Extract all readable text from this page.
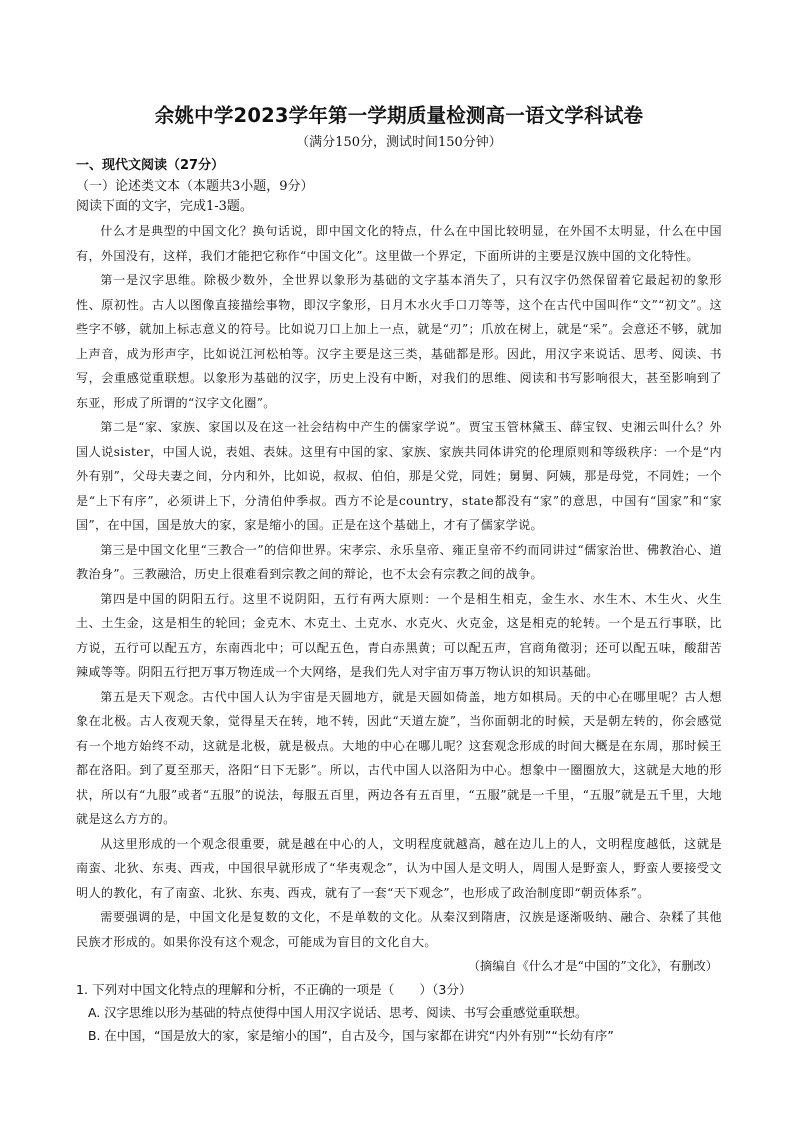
余姚中学2023学年第一学期质量检测高一语文学科试卷
（满分150分，测试时间150分钟）
一、现代文阅读（27分）
（一）论述类文本（本题共3小题，9分）
阅读下面的文字，完成1-3题。

什么才是典型的中国文化？换句话说，即中国文化的特点，什么在中国比较明显，在外国不太明显，什么在中国有，外国没有，这样，我们才能把它称作“中国文化”。这里做一个界定，下面所讲的主要是汉族中国的文化特性。

第一是汉字思维。除极少数外，全世界以象形为基础的文字基本消失了，只有汉字仍然保留着它最起初的象形性、原初性。古人以图像直接描绘事物，即汉字象形，日月木水火手口刀等等，这个在古代中国叫作“文”“初文”。这些字不够，就加上标志意义的符号。比如说刀口上加上一点，就是“刃”；爪放在树上，就是“采”。会意还不够，就加上声音，成为形声字，比如说江河松柏等。汉字主要是这三类，基础都是形。因此，用汉字来说话、思考、阅读、书写，会重感觉重联想。以象形为基础的汉字，历史上没有中断，对我们的思维、阅读和书写影响很大，甚至影响到了东亚，形成了所谓的“汉字文化圈”。

第二是“家、家族、家国以及在这一社会结构中产生的儒家学说”。贾宝玉管林黛玉、薛宝钗、史湘云叫什么？外国人说sister，中国人说，表姐、表妹。这里有中国的家、家族、家族共同体讲究的伦理原则和等级秩序：一个是“内外有别”，父母夫妻之间，分内和外，比如说，叔叔、伯伯，那是父党，同姓；舅舅、阿姨，那是母党，不同姓；一个是“上下有序”，必须讲上下，分清伯仲季叔。西方不论是country，state都没有“家”的意思，中国有“国家”和“家国”，在中国，国是放大的家，家是缩小的国。正是在这个基础上，才有了儒家学说。

第三是中国文化里“三教合一”的信仰世界。宋孝宗、永乐皇帝、雍正皇帝不约而同讲过“儒家治世、佛教治心、道教治身”。三教融洽，历史上很难看到宗教之间的辩论，也不太会有宗教之间的战争。

第四是中国的阴阳五行。这里不说阴阳，五行有两大原则：一个是相生相克，金生水、水生木、木生火、火生土、土生金，这是相生的轮回；金克木、木克土、土克水、水克火、火克金，这是相克的轮转。一个是五行事联，比方说，五行可以配五方，东南西北中；可以配五色，青白赤黑黄；可以配五声，宫商角徵羽；还可以配五味，酸甜苦辣咸等等。阴阳五行把万事万物连成一个大网络，是我们先人对宇宙万事万物认识的知识基础。

第五是天下观念。古代中国人认为宇宙是天圆地方，就是天圆如倚盖，地方如棋局。天的中心在哪里呢？古人想象在北极。古人夜观天象，觉得星天在转，地不转，因此“天道左旋”，当你面朝北的时候，天是朝左转的，你会感觉有一个地方始终不动，这就是北极，就是极点。大地的中心在哪儿呢？这套观念形成的时间大概是在东周，那时候王都在洛阳。到了夏至那天，洛阳“日下无影”。所以，古代中国人以洛阳为中心。想象中一圈圈放大，这就是大地的形状，所以有“九服”或者“五服”的说法，每服五百里，两边各有五百里，“五服”就是一千里，“五服”就是五千里，大地就是这么方方的。

从这里形成的一个观念很重要，就是越在中心的人，文明程度就越高，越在边儿上的人，文明程度越低，这就是南蛮、北狄、东夷、西戎，中国很早就形成了“华夷观念”，认为中国人是文明人，周围人是野蛮人，野蛮人要接受文明人的教化，有了南蛮、北狄、东夷、西戎，就有了一套“天下观念”，也形成了政治制度即“朝贡体系”。

需要强调的是，中国文化是复数的文化，不是单数的文化。从秦汉到隋唐，汉族是逐渐吸纳、融合、杂糅了其他民族才形成的。如果你没有这个观念，可能成为盲目的文化自大。

（摘编自《什么才是“中国的”文化》，有删改）
1. 下列对中国文化特点的理解和分析，不正确的一项是（　　）（3分）
A. 汉字思维以形为基础的特点使得中国人用汉字说话、思考、阅读、书写会重感觉重联想。
B. 在中国，“国是放大的家，家是缩小的国”，自古及今，国与家都在讲究“内外有别”“长幼有序”
